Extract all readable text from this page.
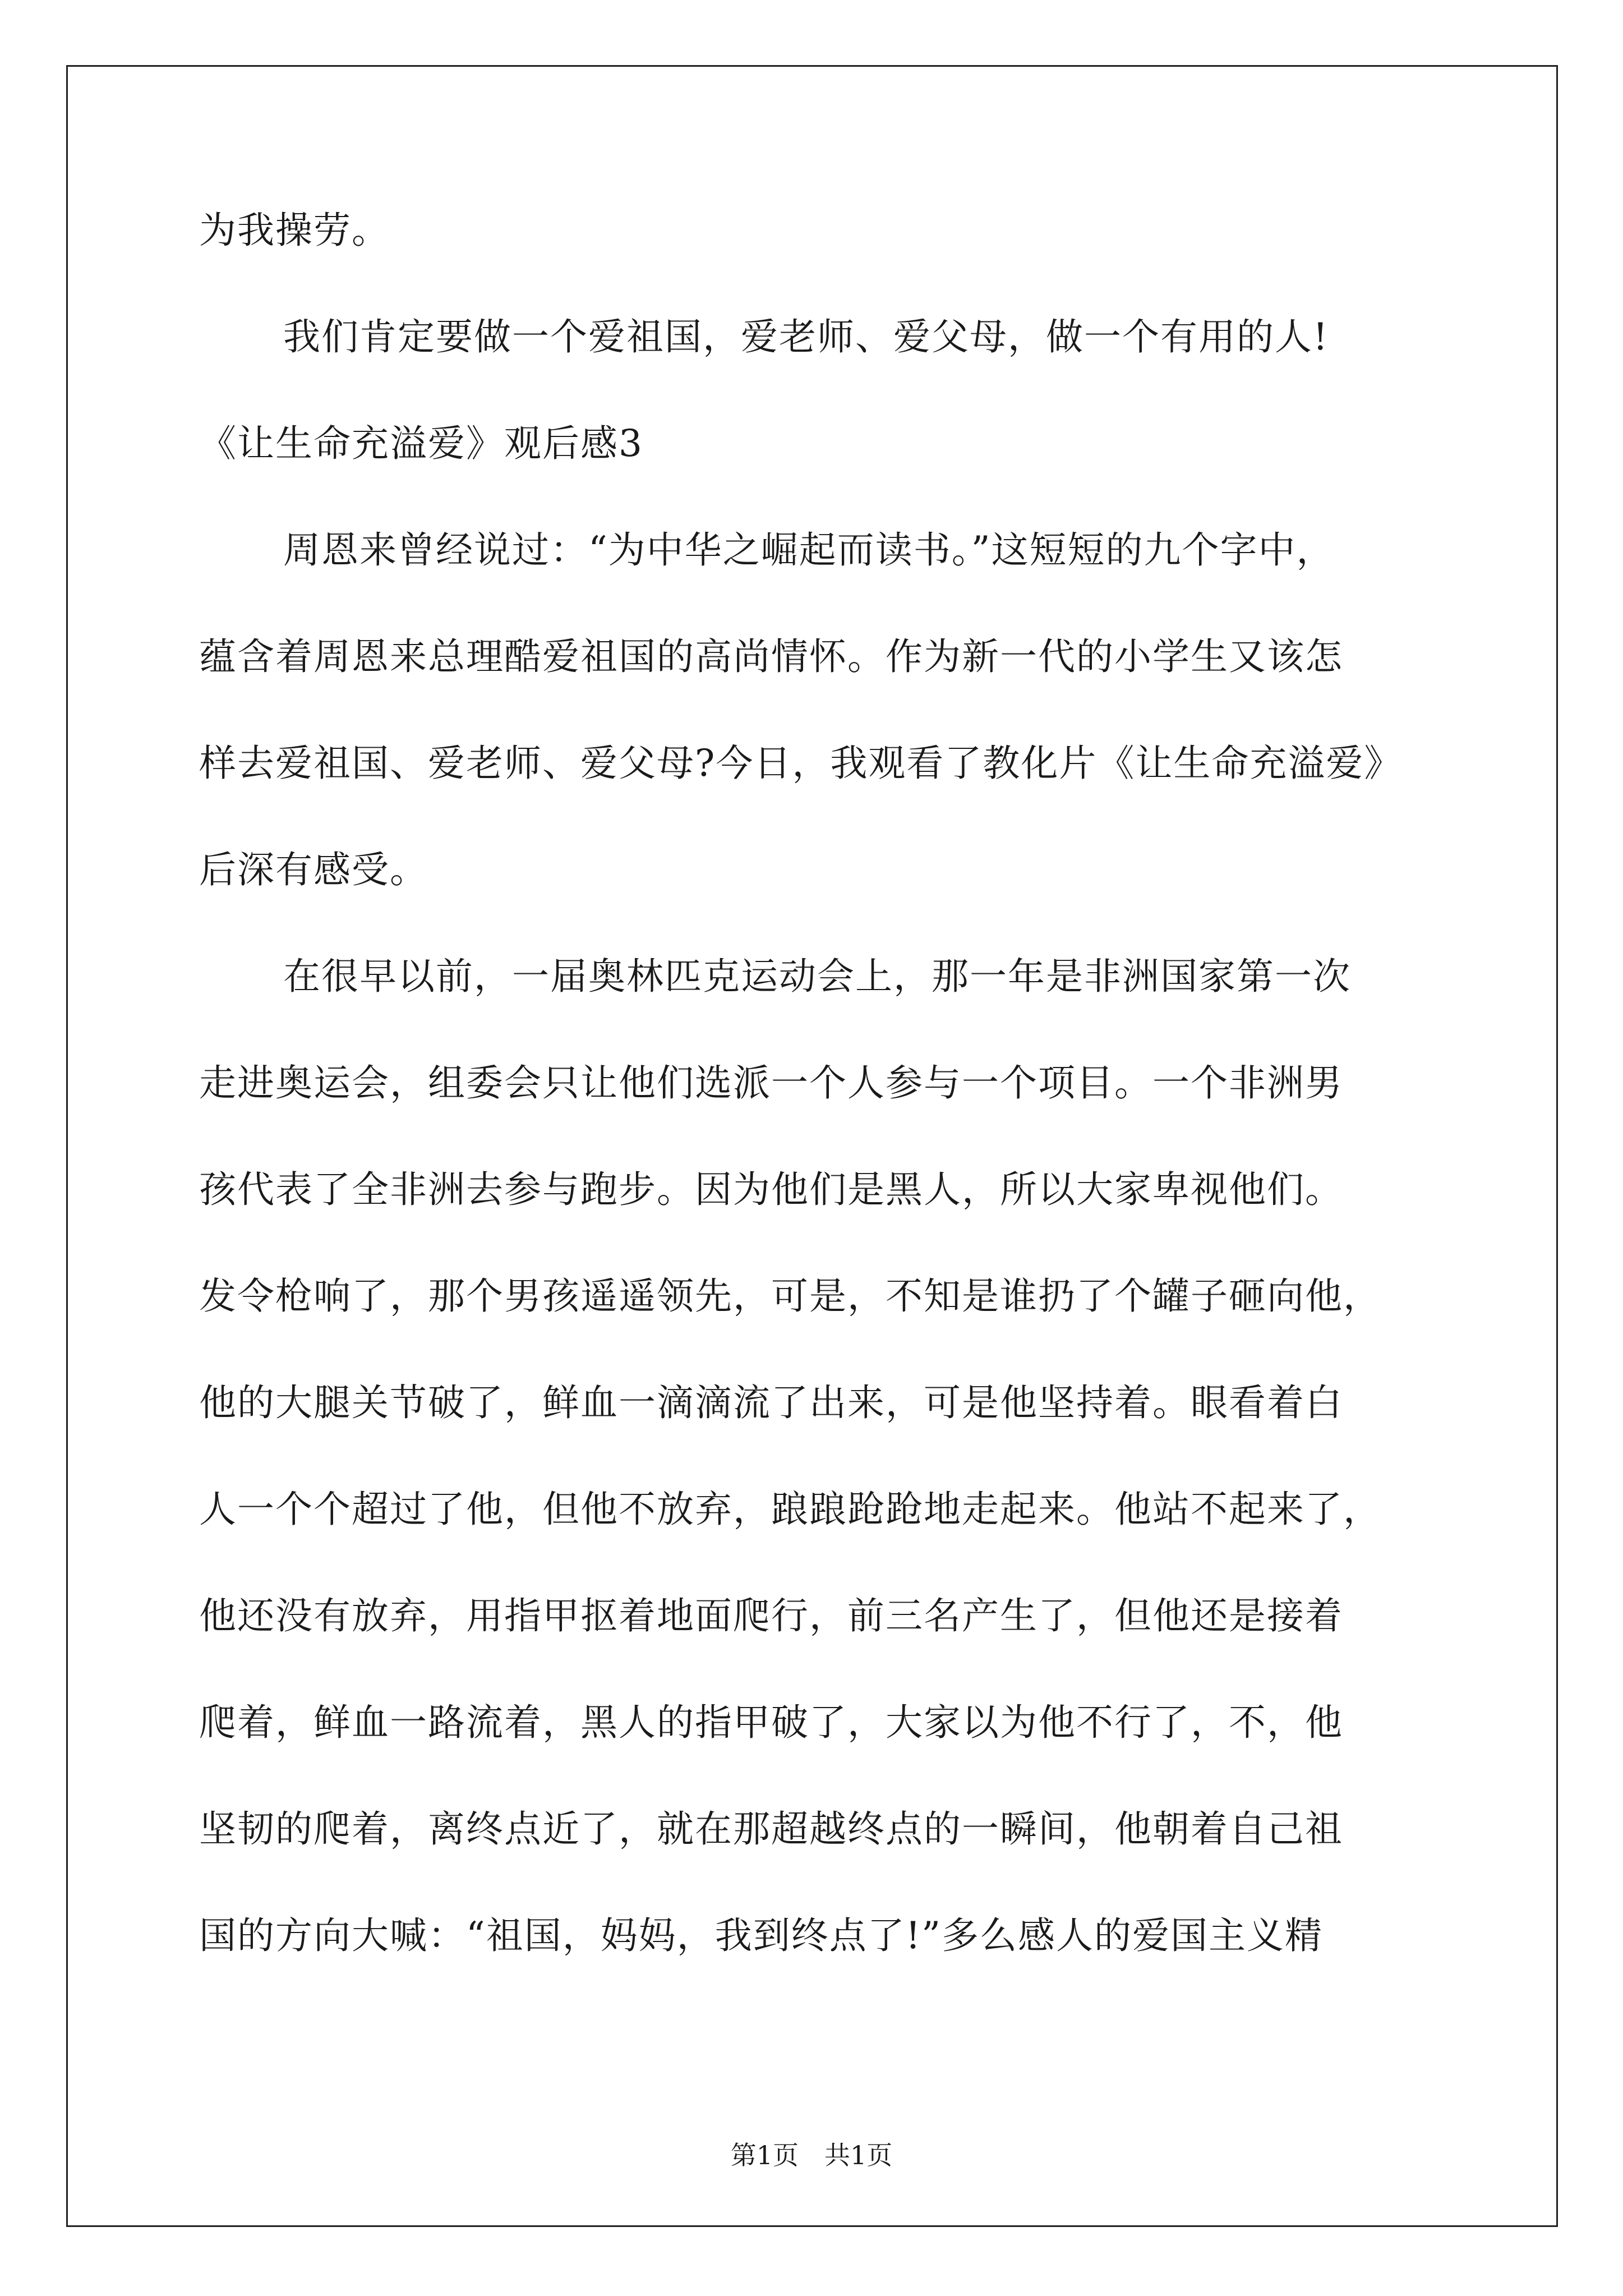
为我操劳。
我们肯定要做一个爱祖国，爱老师、爱父母，做一个有用的人!
《让生命充溢爱》观后感3
周恩来曾经说过：“为中华之崛起而读书。”这短短的九个字中，
蕴含着周恩来总理酷爱祖国的高尚情怀。作为新一代的小学生又该怎
样去爱祖国、爱老师、爱父母?今日，我观看了教化片《让生命充溢爱》
后深有感受。
在很早以前，一届奥林匹克运动会上，那一年是非洲国家第一次
走进奥运会，组委会只让他们选派一个人参与一个项目。一个非洲男
孩代表了全非洲去参与跑步。因为他们是黑人，所以大家卑视他们。
发令枪响了，那个男孩遥遥领先，可是，不知是谁扔了个罐子砸向他，
他的大腿关节破了，鲜血一滴滴流了出来，可是他坚持着。眼看着白
人一个个超过了他，但他不放弃，踉踉跄跄地走起来。他站不起来了，
他还没有放弃，用指甲抠着地面爬行，前三名产生了，但他还是接着
爬着，鲜血一路流着，黑人的指甲破了，大家以为他不行了，不，他
坚韧的爬着，离终点近了，就在那超越终点的一瞬间，他朝着自己祖
国的方向大喊：“祖国，妈妈，我到终点了!”多么感人的爱国主义精
第1页 共1页
